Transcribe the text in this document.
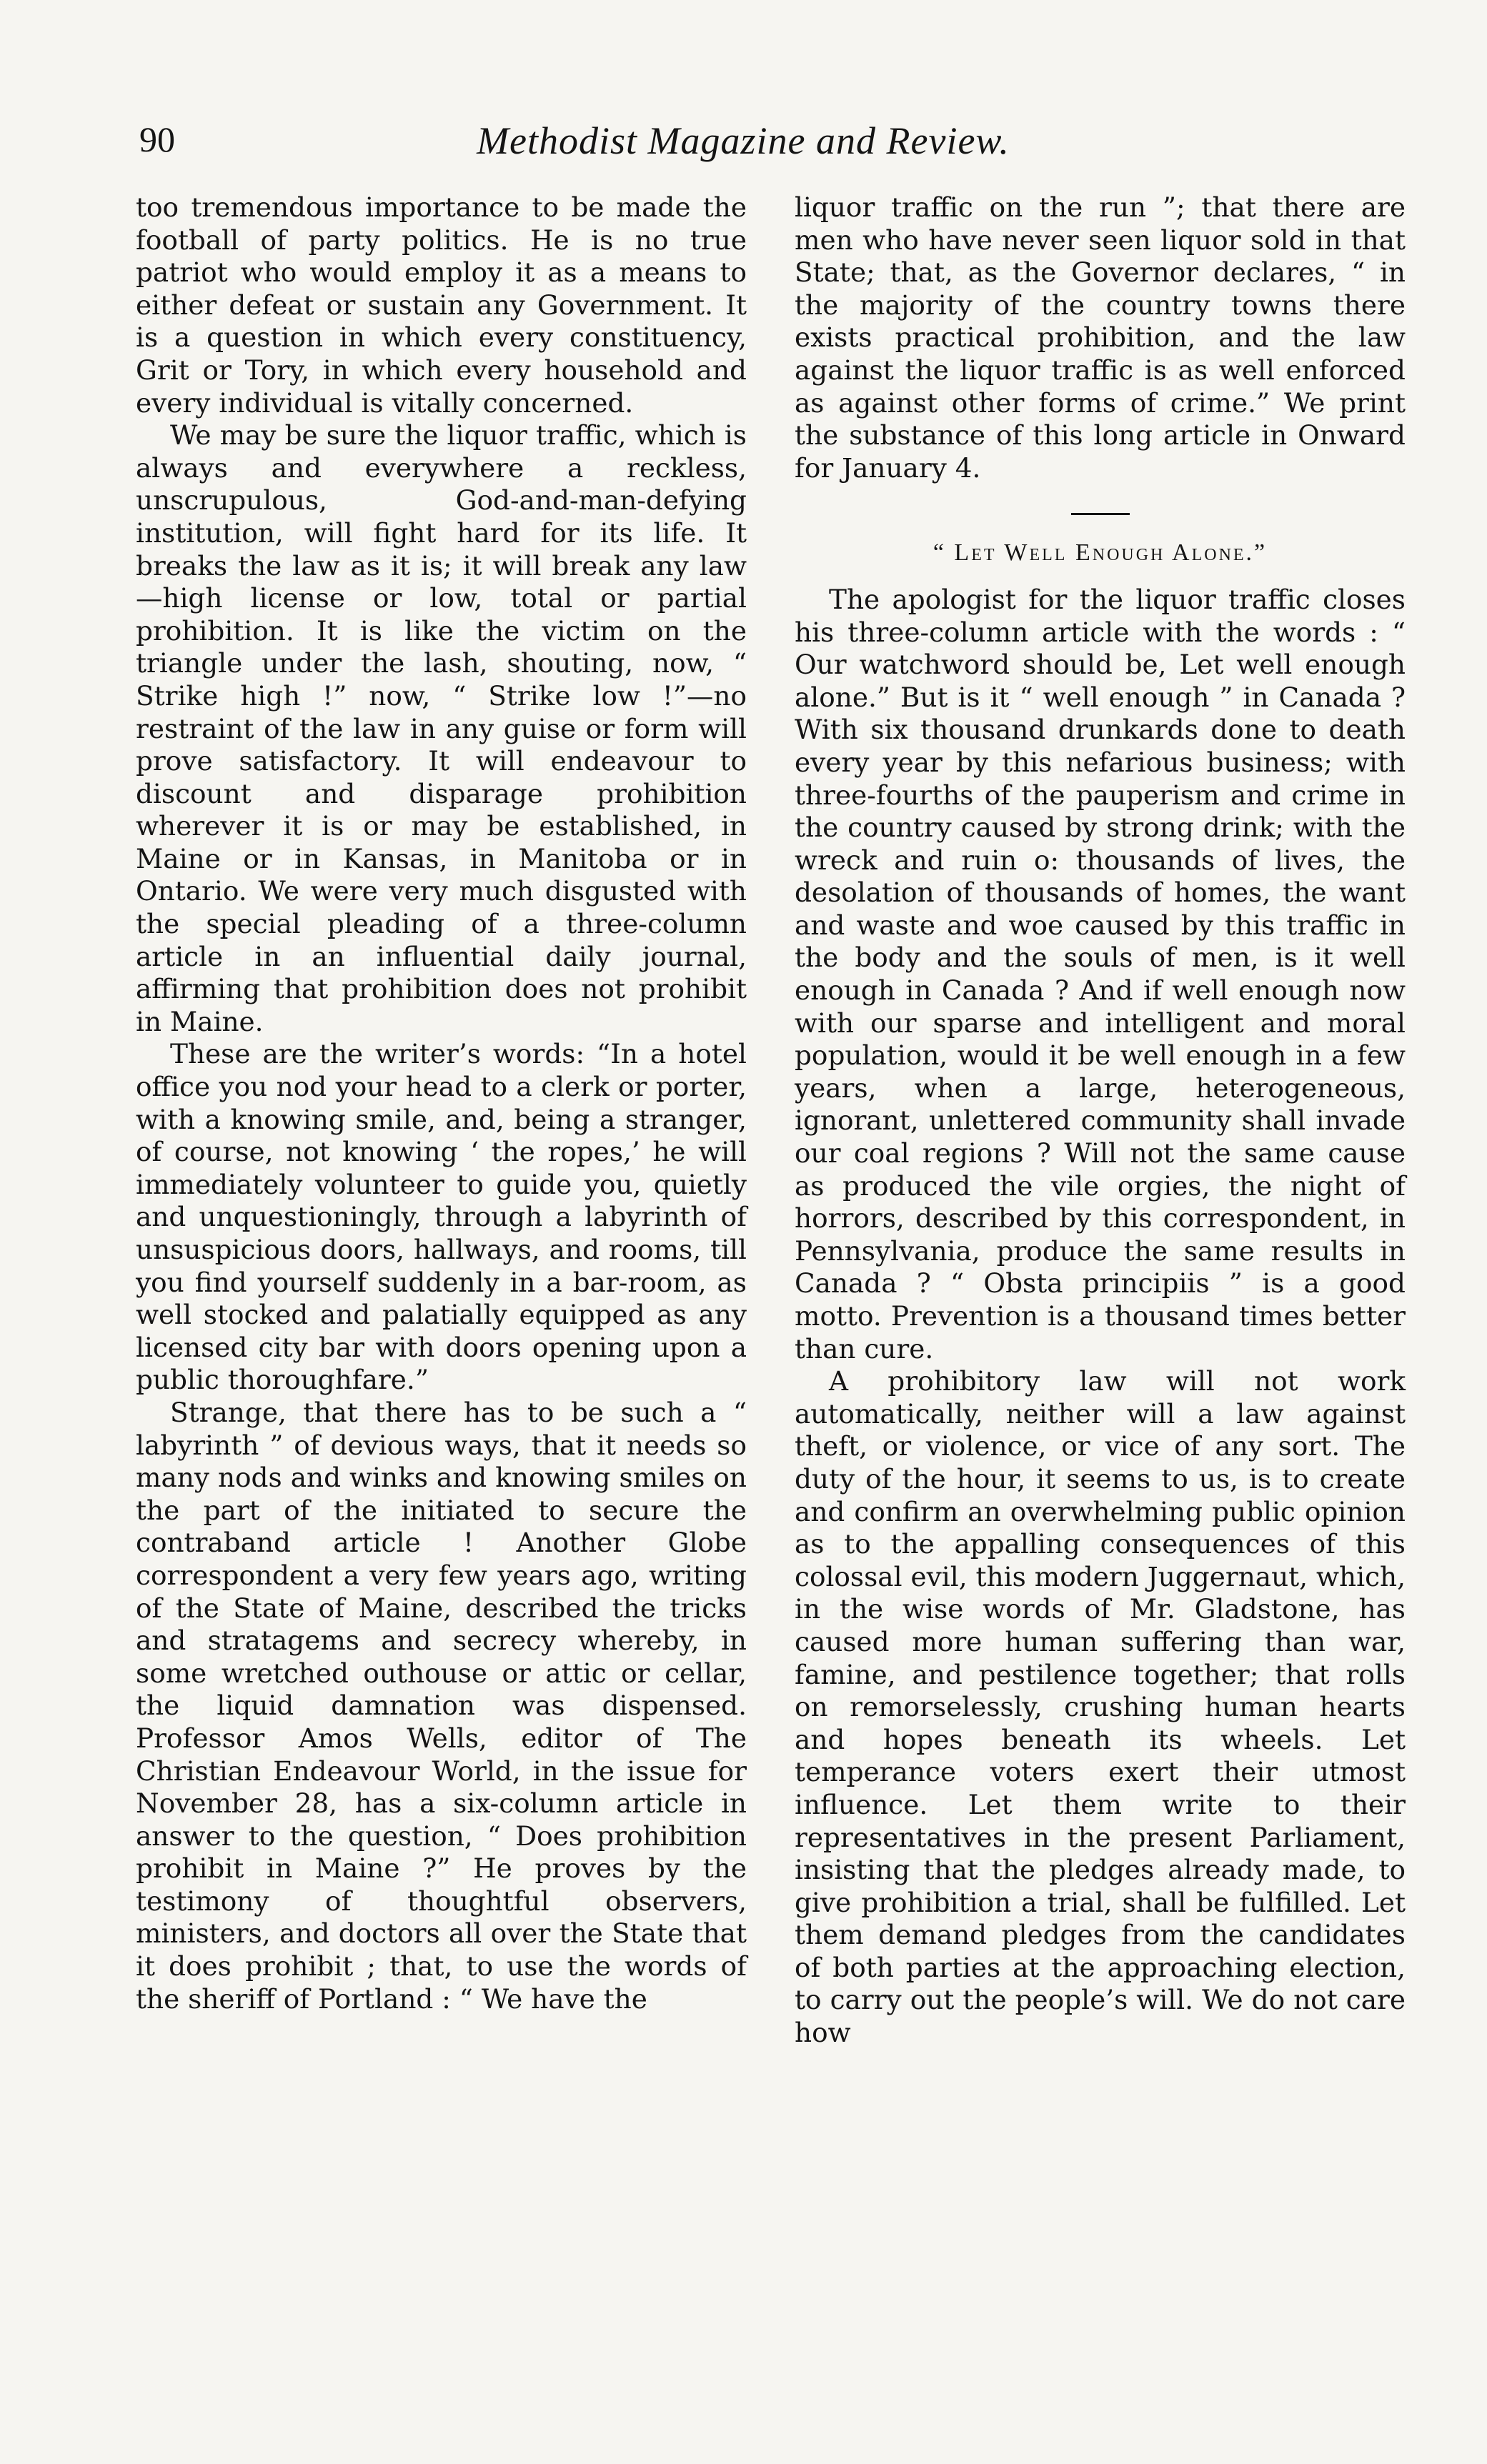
90	Methodist Magazine and Review.

too tremendous importance to be made the football of party politics. He is no true patriot who would employ it as a means to either defeat or sustain any Government. It is a question in which every constituency, Grit or Tory, in which every household and every individual is vitally concerned.

We may be sure the liquor traffic, which is always and everywhere a reckless, unscrupulous, God-and-man-defying institution, will fight hard for its life. It breaks the law as it is; it will break any law—high license or low, total or partial prohibition. It is like the victim on the triangle under the lash, shouting, now, “ Strike high !” now, “ Strike low !”—no restraint of the law in any guise or form will prove satisfactory. It will endeavour to discount and disparage prohibition wherever it is or may be established, in Maine or in Kansas, in Manitoba or in Ontario. We were very much disgusted with the special pleading of a three-column article in an influential daily journal, affirming that prohibition does not prohibit in Maine.

These are the writer’s words: “In a hotel office you nod your head to a clerk or porter, with a knowing smile, and, being a stranger, of course, not knowing ‘ the ropes,’ he will immediately volunteer to guide you, quietly and unquestioningly, through a labyrinth of unsuspicious doors, hallways, and rooms, till you find yourself suddenly in a bar-room, as well stocked and palatially equipped as any licensed city bar with doors opening upon a public thoroughfare.”

Strange, that there has to be such a “ labyrinth ” of devious ways, that it needs so many nods and winks and knowing smiles on the part of the initiated to secure the contraband article ! Another Globe correspondent a very few years ago, writing of the State of Maine, described the tricks and stratagems and secrecy whereby, in some wretched outhouse or attic or cellar, the liquid damnation was dispensed. Professor Amos Wells, editor of The Christian Endeavour World, in the issue for November 28, has a six-column article in answer to the question, “ Does prohibition prohibit in Maine ?” He proves by the testimony of thoughtful observers, ministers, and doctors all over the State that it does prohibit ; that, to use the words of the sheriff of Portland : “ We have the

liquor traffic on the run ”; that there are men who have never seen liquor sold in that State; that, as the Governor declares, “ in the majority of the country towns there exists practical prohibition, and the law against the liquor traffic is as well enforced as against other forms of crime.” We print the substance of this long article in Onward for January 4.

“ Let Well Enough Alone.”

The apologist for the liquor traffic closes his three-column article with the words : “ Our watchword should be, Let well enough alone.” But is it “ well enough ” in Canada ? With six thousand drunkards done to death every year by this nefarious business; with three-fourths of the pauperism and crime in the country caused by strong drink; with the wreck and ruin o: thousands of lives, the desolation of thousands of homes, the want and waste and woe caused by this traffic in the body and the souls of men, is it well enough in Canada ? And if well enough now with our sparse and intelligent and moral population, would it be well enough in a few years, when a large, heterogeneous, ignorant, unlettered community shall invade our coal regions ? Will not the same cause as produced the vile orgies, the night of horrors, described by this correspondent, in Pennsylvania, produce the same results in Canada ? “ Obsta principiis ” is a good motto. Prevention is a thousand times better than cure.

A prohibitory law will not work automatically, neither will a law against theft, or violence, or vice of any sort. The duty of the hour, it seems to us, is to create and confirm an overwhelming public opinion as to the appalling consequences of this colossal evil, this modern Juggernaut, which, in the wise words of Mr. Gladstone, has caused more human suffering than war, famine, and pestilence together; that rolls on remorselessly, crushing human hearts and hopes beneath its wheels. Let temperance voters exert their utmost influence. Let them write to their representatives in the present Parliament, insisting that the pledges already made, to give prohibition a trial, shall be fulfilled. Let them demand pledges from the candidates of both parties at the approaching election, to carry out the people’s will. We do not care how
